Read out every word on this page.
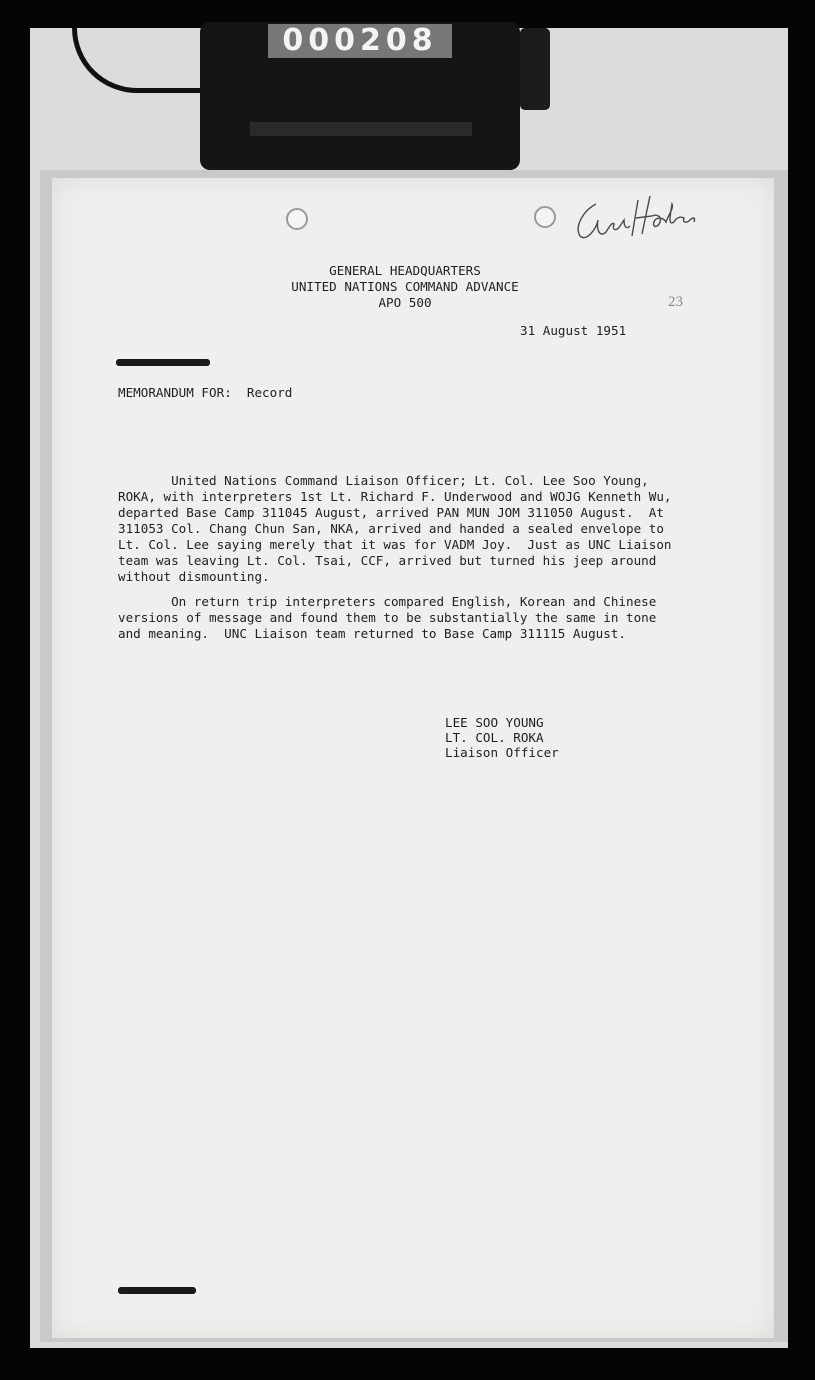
000208
GENERAL HEADQUARTERS
UNITED NATIONS COMMAND ADVANCE
APO 500	23
31 August 1951
MEMORANDUM FOR:  Record
United Nations Command Liaison Officer; Lt. Col. Lee Soo Young,
ROKA, with interpreters 1st Lt. Richard F. Underwood and WOJG Kenneth Wu,
departed Base Camp 311045 August, arrived PAN MUN JOM 311050 August.  At
311053 Col. Chang Chun San, NKA, arrived and handed a sealed envelope to
Lt. Col. Lee saying merely that it was for VADM Joy.  Just as UNC Liaison
team was leaving Lt. Col. Tsai, CCF, arrived but turned his jeep around
without dismounting.
On return trip interpreters compared English, Korean and Chinese
versions of message and found them to be substantially the same in tone
and meaning.  UNC Liaison team returned to Base Camp 311115 August.
LEE SOO YOUNG
LT. COL. ROKA
Liaison Officer
